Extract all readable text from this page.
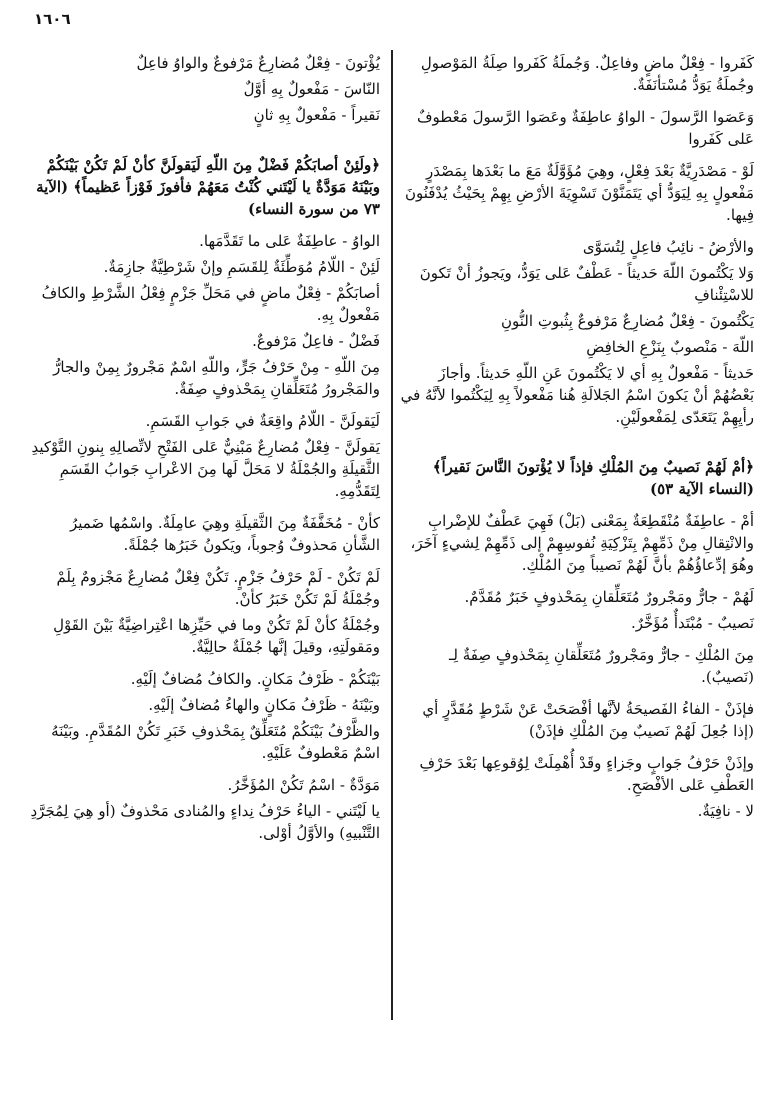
١٦٠٦

كَفَروا - فِعْلٌ ماضٍ وفاعِلٌ. وَجُملَةُ كَفَروا صِلَةُ المَوْصولِ وجُملَةُ يَوَدُّ مُسْتأنَفَةٌ.

وَعَصَوا الرَّسولَ - الواوُ عاطِفَةٌ وعَصَوا الرَّسولَ مَعْطوفٌ عَلى كَفَروا

لَوْ - مَصْدَرِيَّةٌ بَعْدَ فِعْلٍ، وهِيَ مُؤَوَّلَةٌ مَعَ ما بَعْدَها بِمَصْدَرٍ مَفْعولٍ بِهِ لِيَوَدُّ أي يَتَمَنَّوْنَ تَسْوِيَةَ الأرْضِ بِهِمْ بِحَيْثُ يُدْفَنُونَ فِيها.

والأرْضُ - نائِبُ فاعِلٍ لِتُسَوَّى

وَلا يَكْتُمونَ اللّهَ حَديثاً - عَطْفٌ عَلى يَوَدُّ، ويَجوزُ أنْ تَكونَ للاسْتِئْنافِ

يَكْتُمونَ - فِعْلٌ مُضارِعٌ مَرْفوعٌ بِثُبوتِ النُّونِ

اللّهَ - مَنْصوبٌ بِنَزْعِ الخافِضِ

حَديثاً - مَفْعولٌ بِهِ أي لا يَكْتُمونَ عَنِ اللّهِ حَديثاً. وأجازَ بَعْضُهُمْ أنْ يَكونَ اسْمُ الجَلالَةِ هُنا مَفْعولاً بِهِ لِيَكْتُموا لأنَّهُ في رأيِهِمْ يَتَعَدّى لِمَفْعولَيْنِ.

﴿أمْ لَهُمْ نَصيبٌ مِنَ المُلْكِ فإذاً لا يُؤْتونَ النَّاسَ نَقيراً﴾ (النساء الآية ٥٣)

أمْ - عاطِفَةٌ مُنْقَطِعَةٌ بِمَعْنى (بَلْ) فَهِيَ عَطْفٌ للإضْرابِ والانْتِقالِ مِنْ ذَمِّهِمْ بِتَزْكِيَةِ نُفوسِهِمْ إلى ذَمِّهِمْ لِشيءٍ آخَرَ، وهُوَ إدِّعاؤُهُمْ بأنَّ لَهُمْ نَصيباً مِنَ المُلْكِ.

لَهُمْ - جارٌّ ومَجْرورٌ مُتَعَلِّقانِ بِمَحْذوفٍ خَبَرٌ مُقَدَّمٌ.

نَصيبٌ - مُبْتَدأٌ مُؤَخَّرٌ.

مِنَ المُلْكِ - جارٌّ ومَجْرورٌ مُتَعَلِّقانِ بِمَحْذوفٍ صِفَةٌ لِـ (نَصيبٌ).

فإذَنْ - الفاءُ الفَصيحَةُ لأنَّها أفْصَحَتْ عَنْ شَرْطٍ مُقَدَّرٍ أي (إذا جُعِلَ لَهُمْ نَصيبٌ مِنَ المُلْكِ فإذَنْ)

وإذَنْ حَرْفُ جَوابٍ وجَزاءٍ وقَدْ أُهْمِلَتْ لِوُقوعِها بَعْدَ حَرْفِ العَطْفِ عَلى الأفْصَحِ.

لا - نافِيَةٌ.

يُؤْتونَ - فِعْلٌ مُضارِعٌ مَرْفوعٌ والواوُ فاعِلٌ

النّاسَ - مَفْعولٌ بِهِ أوَّلٌ

نَقيراً - مَفْعولٌ بِهِ ثانٍ

﴿ولَئِنْ أصابَكُمْ فَضْلٌ مِنَ اللّهِ لَيَقولَنَّ كأنْ لَمْ تَكُنْ بَيْنَكُمْ وبَيْنَهُ مَوَدَّةٌ يا لَيْتَني كُنْتُ مَعَهُمْ فأفوزَ فَوْزاً عَظيماً﴾ (الآية ٧٣ من سورة النساء)

الواوُ - عاطِفَةٌ عَلى ما تَقَدَّمَها.

لَئِنْ - اللّامُ مُوَطِّئَةٌ لِلقَسَمِ وإنْ شَرْطِيَّةٌ جازِمَةٌ.

أصابَكُمْ - فِعْلٌ ماضٍ في مَحَلِّ جَزْمٍ فِعْلُ الشَّرْطِ والكافُ مَفْعولٌ بِهِ.

فَضْلٌ - فاعِلٌ مَرْفوعٌ.

مِنَ اللّهِ - مِنْ حَرْفُ جَرٍّ، واللّهِ اسْمٌ مَجْرورٌ بِمِنْ والجارُّ والمَجْرورُ مُتَعَلِّقانِ بِمَحْذوفٍ صِفَةٌ.

لَيَقولَنَّ - اللّامُ واقِعَةٌ في جَوابِ القَسَمِ.

يَقولَنَّ - فِعْلٌ مُضارِعٌ مَبْنِيٌّ عَلى الفَتْحِ لاتِّصالِهِ بِنونِ التَّوْكيدِ الثَّقيلَةِ والجُمْلَةُ لا مَحَلَّ لَها مِنَ الاعْرابِ جَوابُ القَسَمِ لِتَقَدُّمِهِ.

كأنْ - مُخَفَّفَةٌ مِنَ الثَّقيلَةِ وهِيَ عامِلَةٌ. واسْمُها ضَميرُ الشَّأنِ مَحذوفٌ وُجوباً، ويَكونُ خَبَرُها جُمْلَةً.

لَمْ تَكُنْ - لَمْ حَرْفُ جَزْمٍ. تَكُنْ فِعْلٌ مُضارِعٌ مَجْزومٌ بِلَمْ وجُمْلَةُ لَمْ تَكُنْ خَبَرُ كأنْ.

وجُمْلَةُ كأنْ لَمْ تَكُنْ وما في حَيِّزِها اعْتِراضِيَّةٌ بَيْنَ القَوْلِ ومَقولَتِهِ، وقيلَ إنَّها جُمْلَةٌ حالِيَّةٌ.

بَيْنَكُمْ - ظَرْفُ مَكانٍ. والكافُ مُضافٌ إلَيْهِ.

وبَيْنَهُ - ظَرْفُ مَكانٍ والهاءُ مُضافٌ إلَيْهِ.

والظَّرْفُ بَيْنَكُمْ مُتَعَلِّقٌ بِمَحْذوفِ خَبَرِ تَكُنْ المُقَدَّمِ. وبَيْنَهُ اسْمٌ مَعْطوفٌ عَلَيْهِ.

مَوَدَّةٌ - اسْمُ تَكُنْ المُؤَخَّرُ.

يا لَيْتَني - الياءُ حَرْفُ نِداءٍ والمُنادى مَحْذوفٌ (أو هِيَ لِمُجَرَّدِ التَّنْبيهِ) والأوَّلُ أوْلى.
